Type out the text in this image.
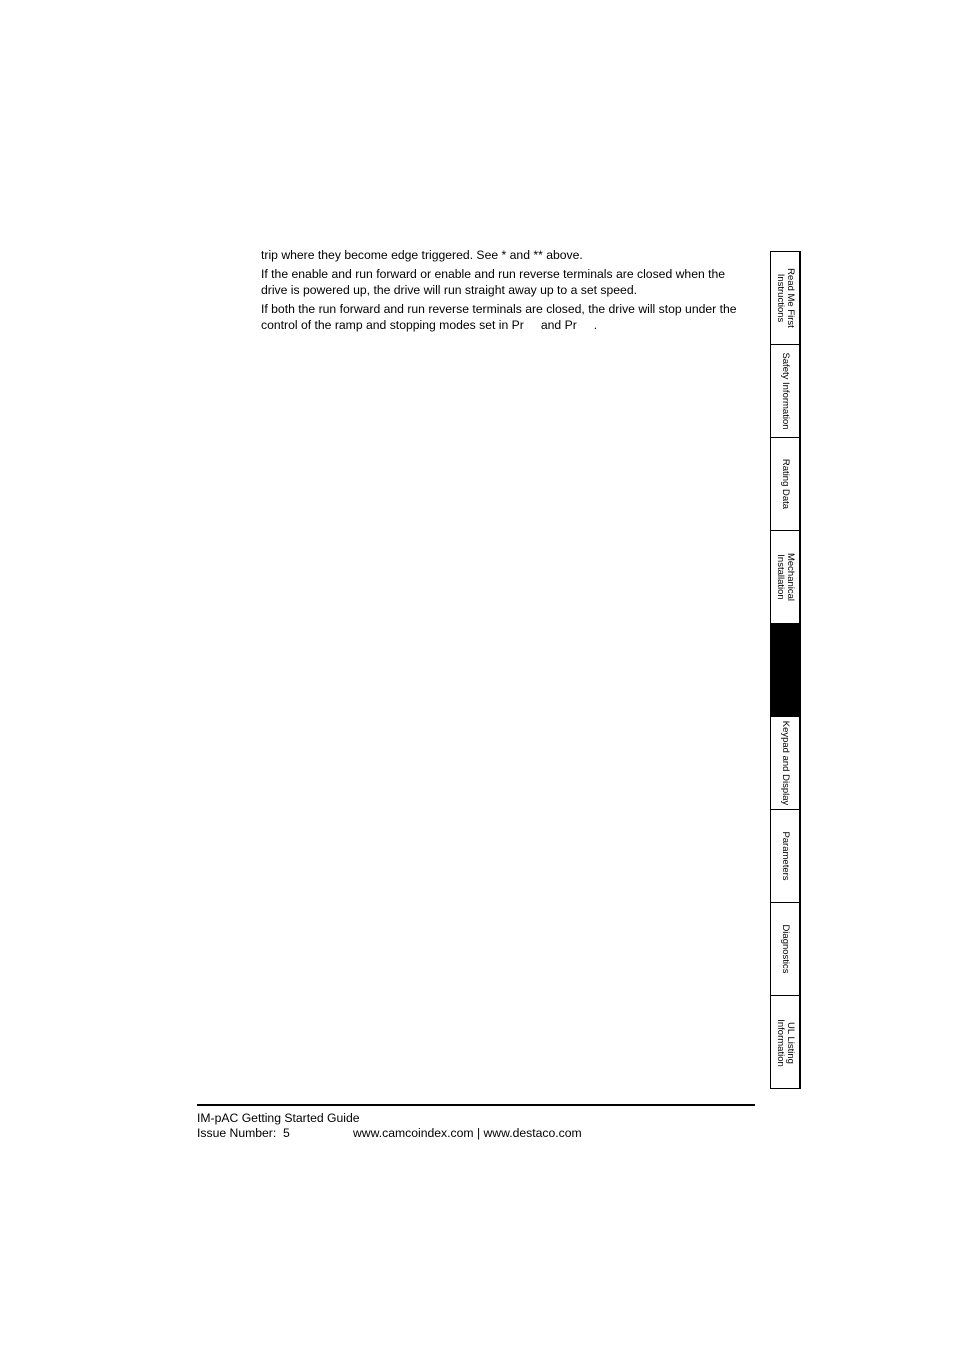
trip where they become edge triggered. See * and ** above.

If the enable and run forward or enable and run reverse terminals are closed when the
drive is powered up, the drive will run straight away up to a set speed.

If both the run forward and run reverse terminals are closed, the drive will stop under the
control of the ramp and stopping modes set in Pr and Pr .

Read Me First
Instructions
Safety Information
Rating Data
Mechanical
Installation
Keypad and Display
Parameters
Diagnostics
UL Listing
Information
IM-pAC Getting Started Guide
Issue Number:  5	www.camcoindex.com | www.destaco.com
